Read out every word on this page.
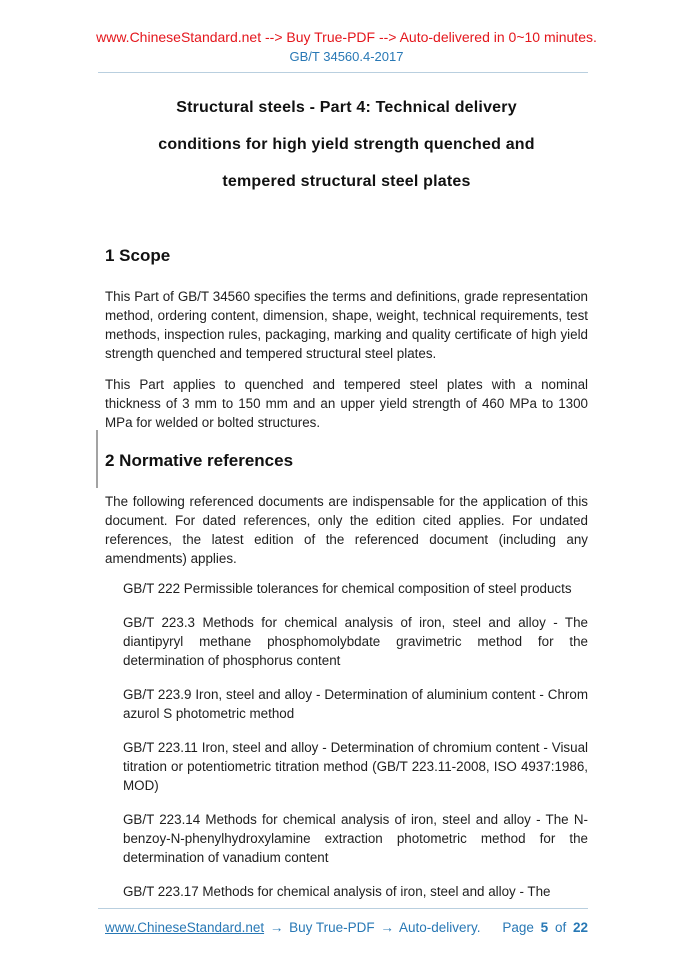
www.ChineseStandard.net --> Buy True-PDF --> Auto-delivered in 0~10 minutes.
GB/T 34560.4-2017
Structural steels - Part 4: Technical delivery
conditions for high yield strength quenched and
tempered structural steel plates
1 Scope

This Part of GB/T 34560 specifies the terms and definitions, grade representation method, ordering content, dimension, shape, weight, technical requirements, test methods, inspection rules, packaging, marking and quality certificate of high yield strength quenched and tempered structural steel plates.

This Part applies to quenched and tempered steel plates with a nominal thickness of 3 mm to 150 mm and an upper yield strength of 460 MPa to 1300 MPa for welded or bolted structures.

2 Normative references

The following referenced documents are indispensable for the application of this document. For dated references, only the edition cited applies. For undated references, the latest edition of the referenced document (including any amendments) applies.

GB/T 222 Permissible tolerances for chemical composition of steel products

GB/T 223.3 Methods for chemical analysis of iron, steel and alloy - The diantipyryl methane phosphomolybdate gravimetric method for the determination of phosphorus content

GB/T 223.9 Iron, steel and alloy - Determination of aluminium content - Chrom azurol S photometric method

GB/T 223.11 Iron, steel and alloy - Determination of chromium content - Visual titration or potentiometric titration method (GB/T 223.11-2008, ISO 4937:1986, MOD)

GB/T 223.14 Methods for chemical analysis of iron, steel and alloy - The N-benzoy-N-phenylhydroxylamine extraction photometric method for the determination of vanadium content

GB/T 223.17 Methods for chemical analysis of iron, steel and alloy - The

www.ChineseStandard.net → Buy True-PDF → Auto-delivery. Page 5 of 22
